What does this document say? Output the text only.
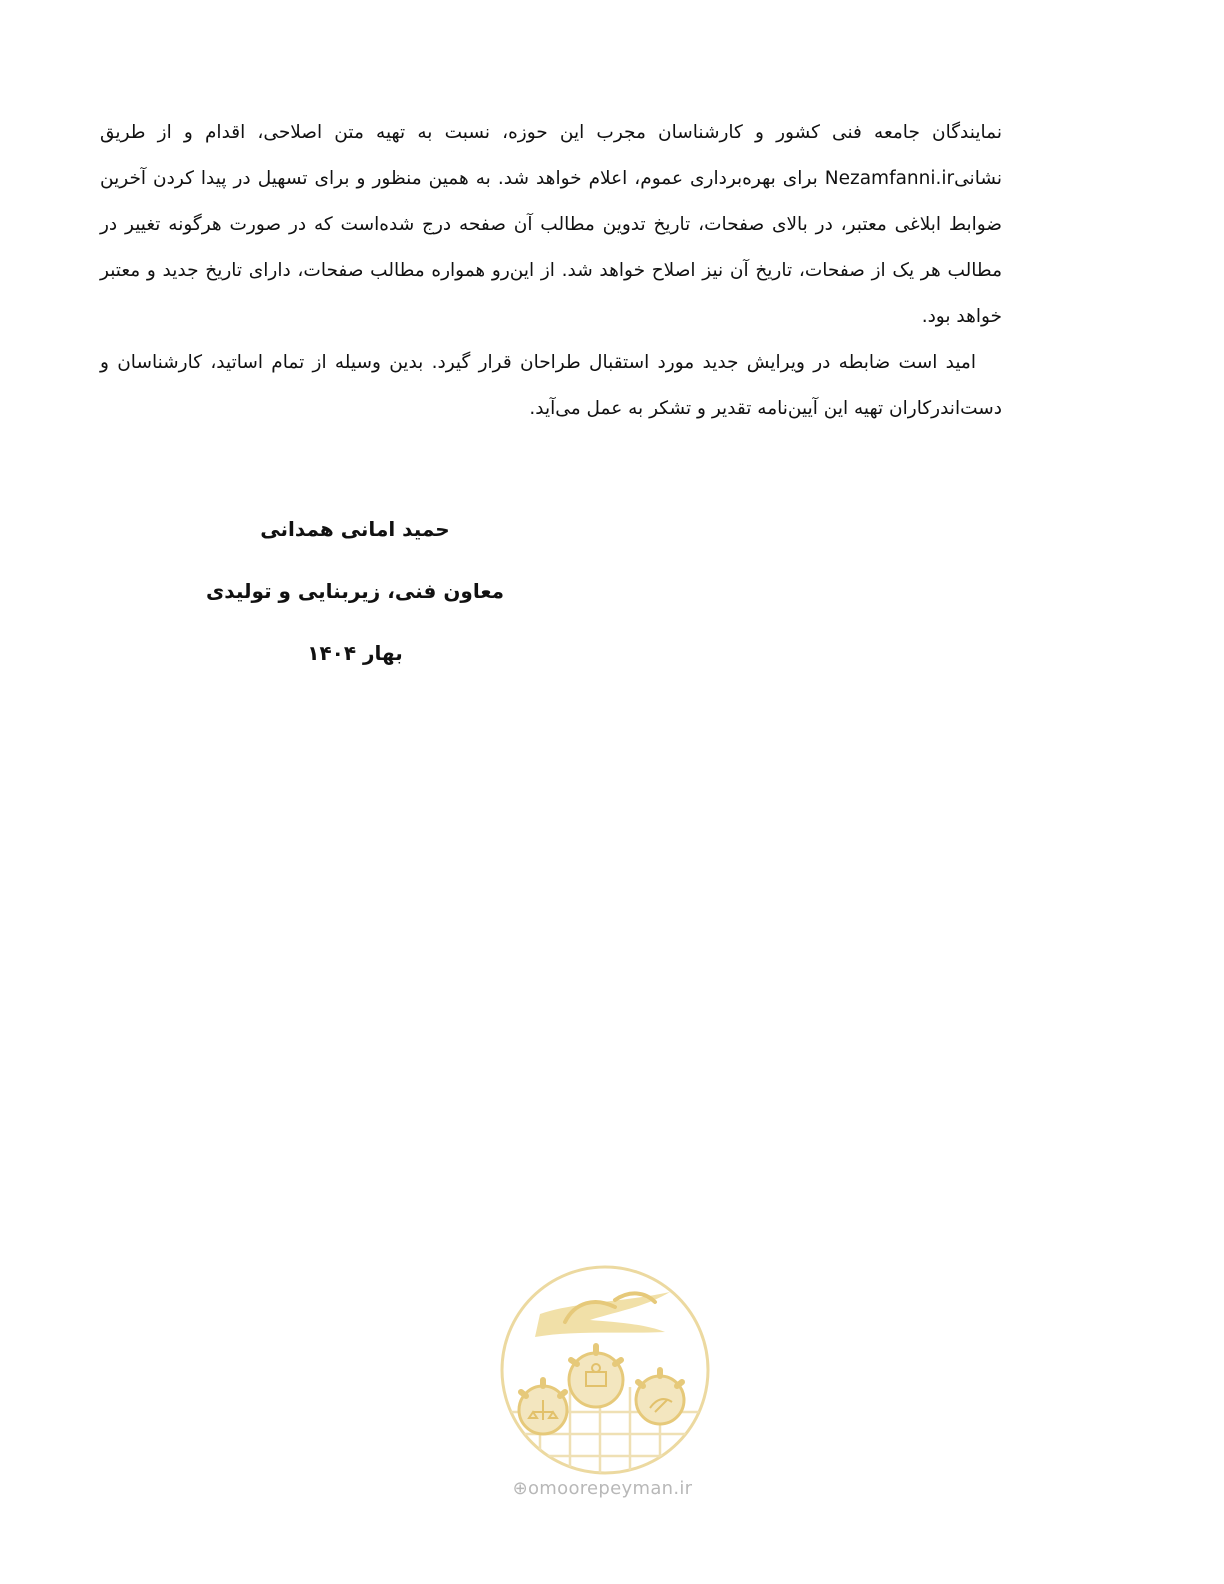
نمایندگان جامعه فنی کشور و کارشناسان مجرب این حوزه، نسبت به تهیه متن اصلاحی، اقدام و از طریق نشانیNezamfanni.ir برای بهره‌برداری عموم، اعلام خواهد شد. به همین منظور و برای تسهیل در پیدا کردن آخرین ضوابط ابلاغی معتبر، در بالای صفحات، تاریخ تدوین مطالب آن صفحه درج شده‌است که در صورت هرگونه تغییر در مطالب هر یک از صفحات، تاریخ آن نیز اصلاح خواهد شد. از این‌رو همواره مطالب صفحات، دارای تاریخ جدید و معتبر خواهد بود.

امید است ضابطه در ویرایش جدید مورد استقبال طراحان قرار گیرد. بدین وسیله از تمام اساتید، کارشناسان و دست‌اندرکاران تهیه این آیین‌نامه تقدیر و تشکر به عمل می‌آید.

حمید امانی همدانی
معاون فنی، زیربنایی و تولیدی
بهار ۱۴۰۴
⊕omoorepeyman.ir
